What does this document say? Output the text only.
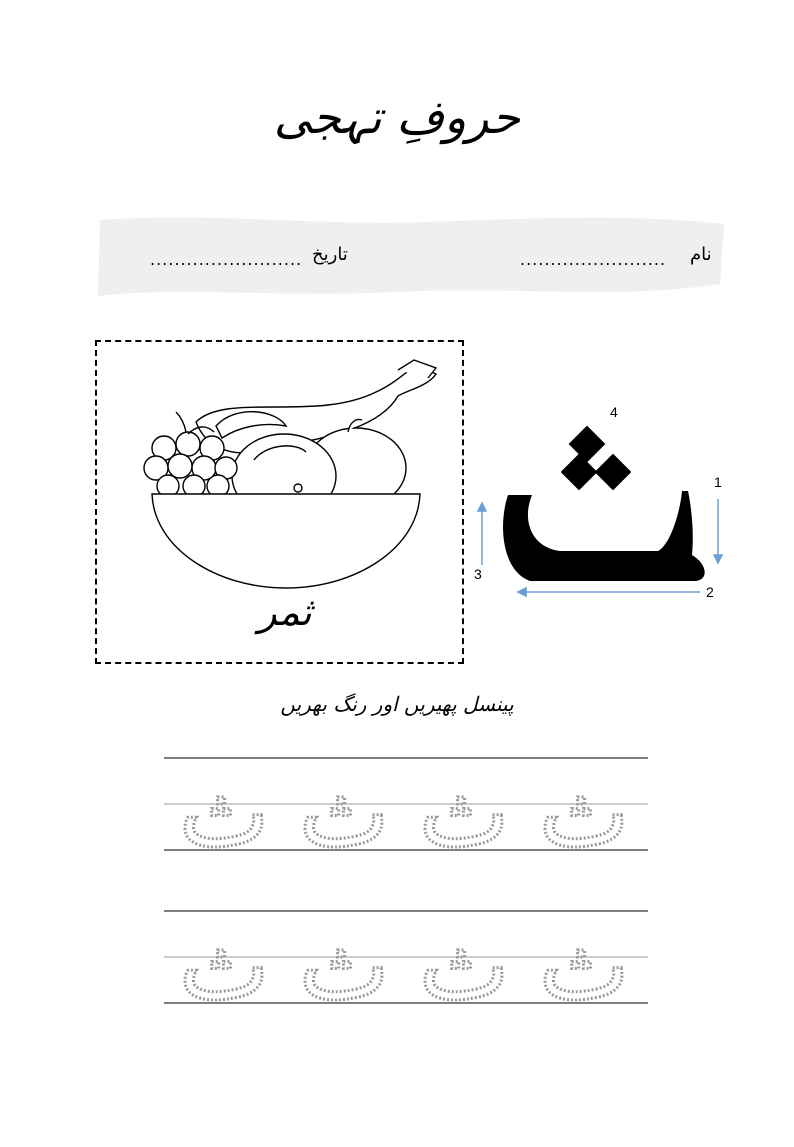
حروفِ تہجی
نام
........................
تاریخ
.........................
ثمر
1
2
3
4
پینسل پھیریں اور رنگ بھریں
ث ث ث ث
ث ث ث ث
